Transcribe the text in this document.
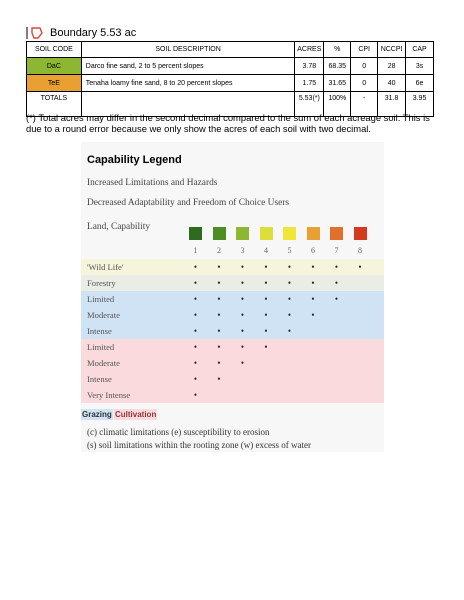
Boundary 5.53 ac
SOIL CODE	SOIL DESCRIPTION	ACRES	%	CPI	NCCPI	CAP
DaC	Darco fine sand, 2 to 5 percent slopes	3.78	68.35	0	28	3s
TeE	Tenaha loamy fine sand, 8 to 20 percent slopes	1.75	31.65	0	40	6e
TOTALS		5.53(*)	100%	-	31.8	3.95
(*) Total acres may differ in the second decimal compared to the sum of each acreage soil. This is due to a round error because we only show the acres of each soil with two decimal.
Capability Legend
Increased Limitations and Hazards
Decreased Adaptability and Freedom of Choice Users
Land, Capability
1	2	3	4	5	6	7	8
'Wild Life'	•	•	•	•	•	•	•	•
Forestry	•	•	•	•	•	•	•
Limited	•	•	•	•	•	•	•
Moderate	•	•	•	•	•	•
Intense	•	•	•	•	•
Limited	•	•	•	•
Moderate	•	•	•
Intense	•	•
Very Intense	•
Grazing Cultivation
(c) climatic limitations (e) susceptibility to erosion
(s) soil limitations within the rooting zone (w) excess of water
